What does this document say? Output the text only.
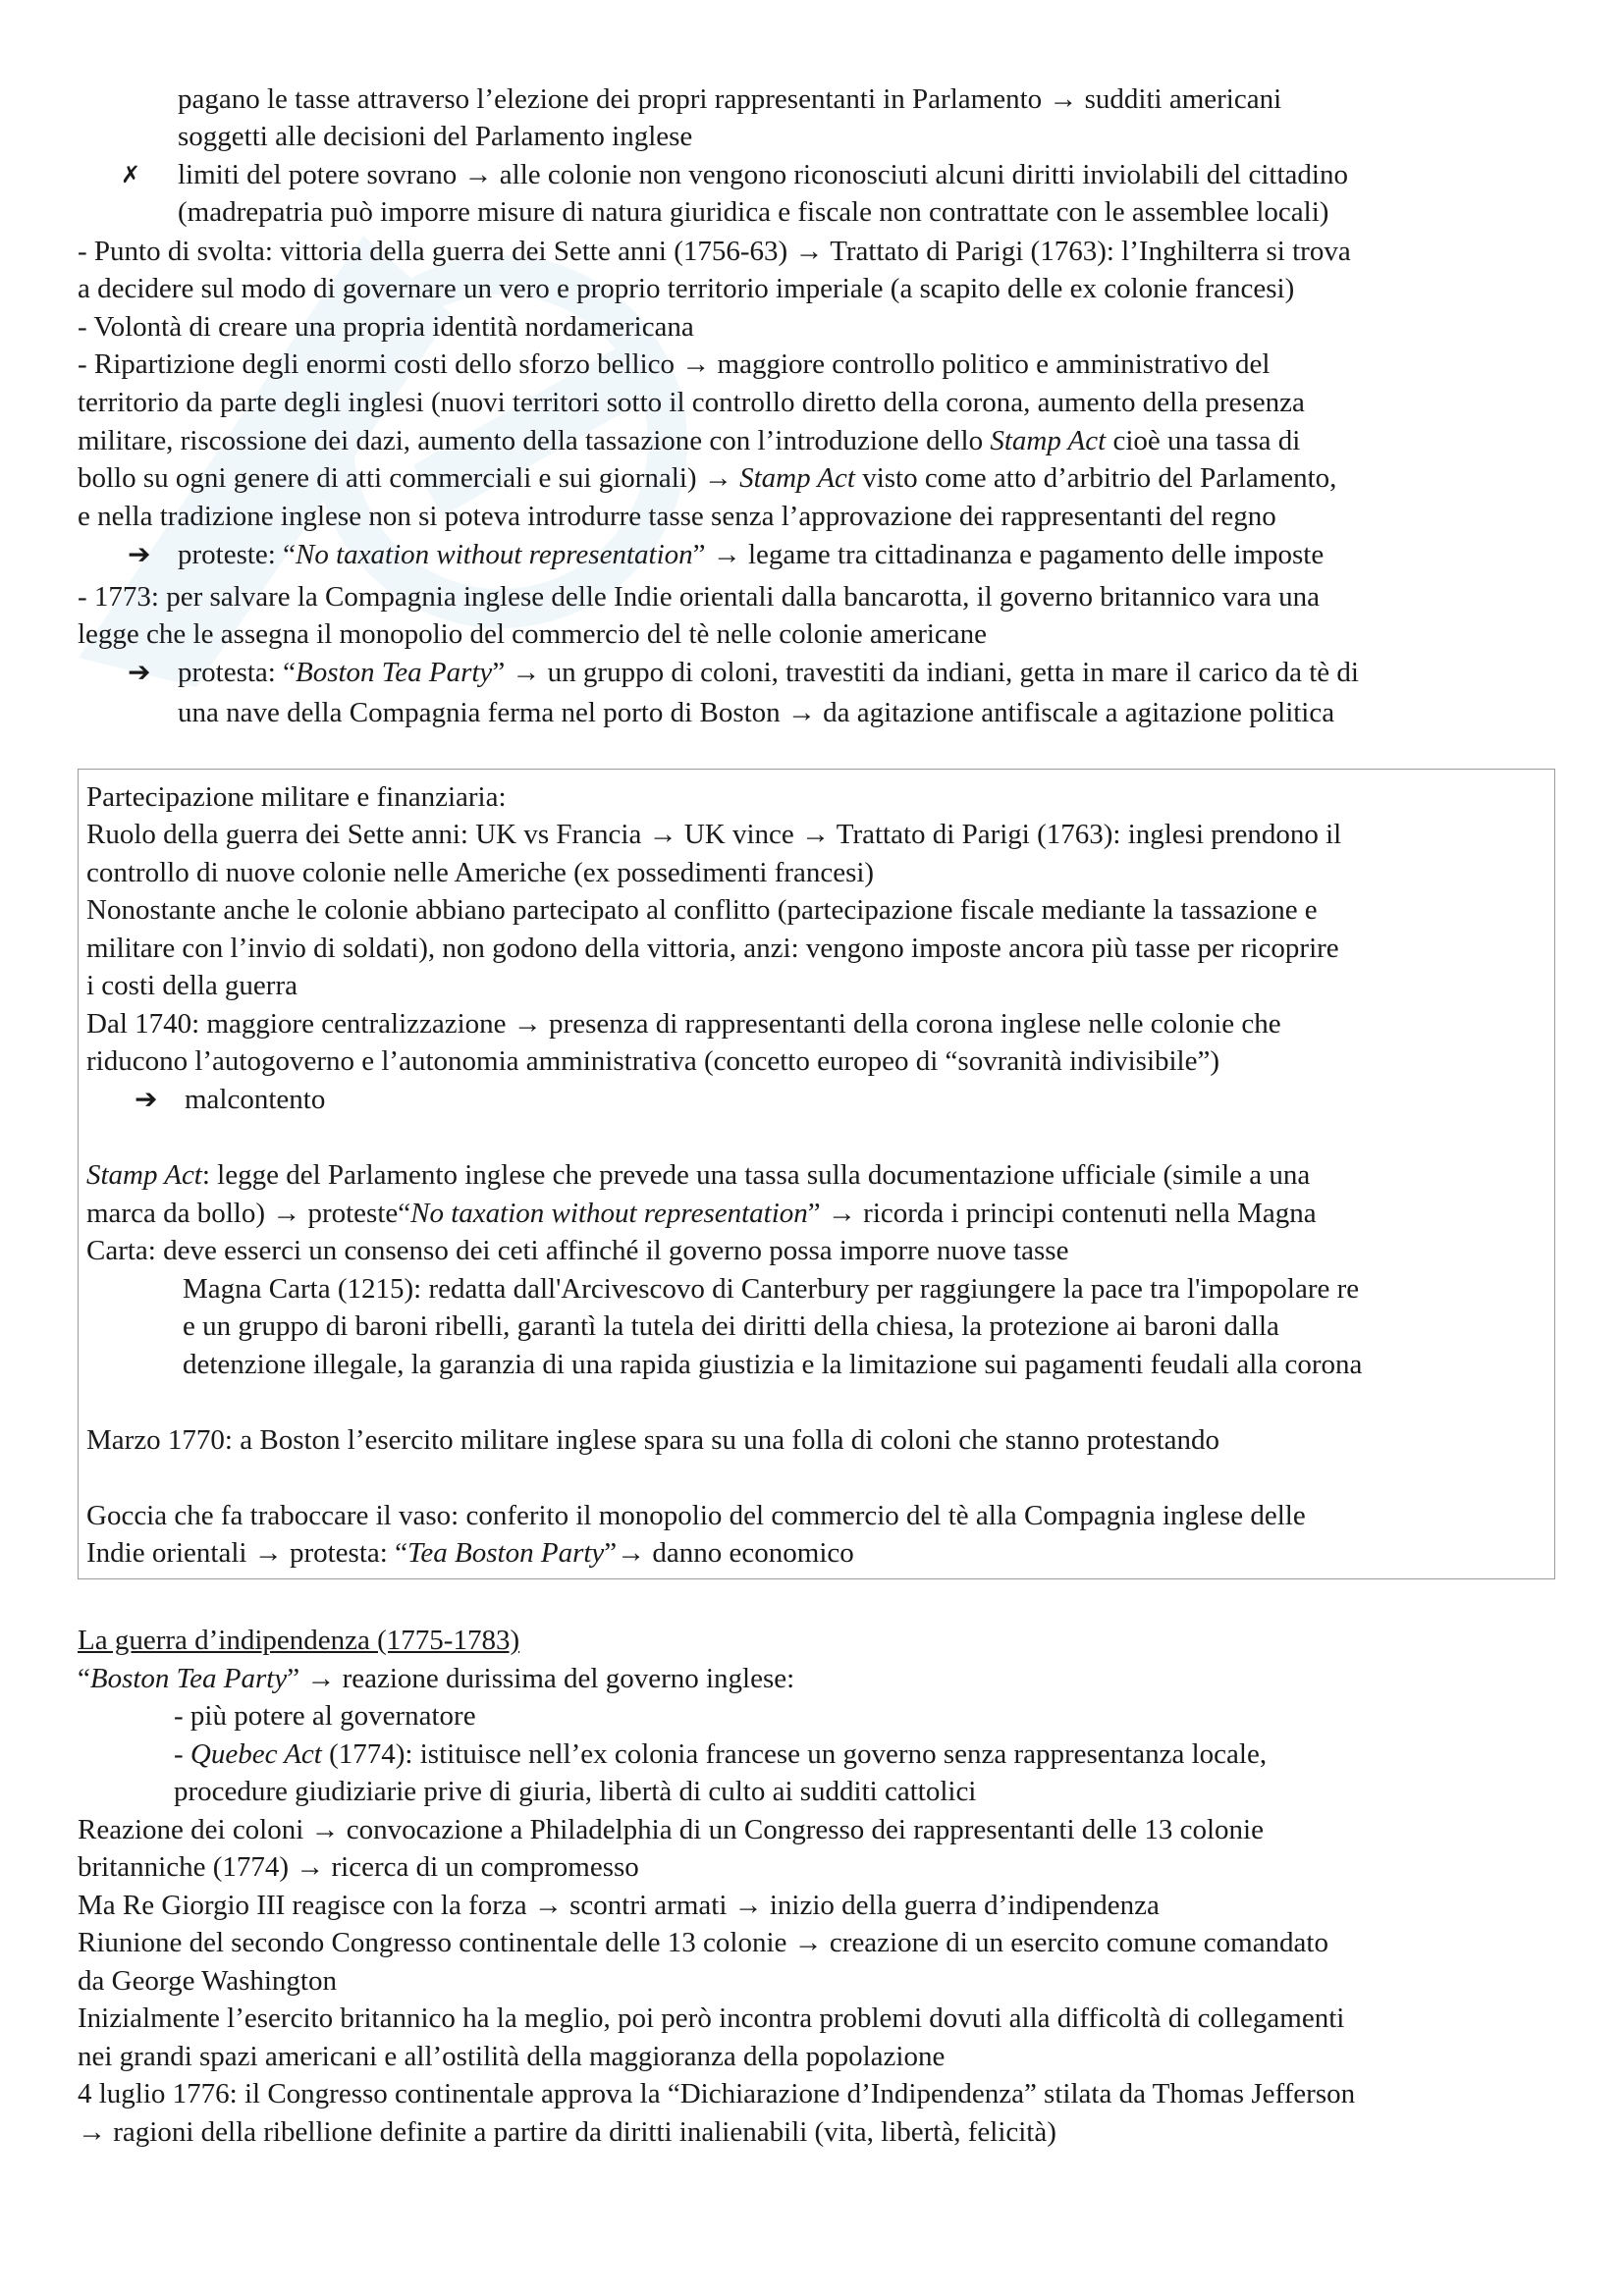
pagano le tasse attraverso l’elezione dei propri rappresentanti in Parlamento → sudditi americani
soggetti alle decisioni del Parlamento inglese
✗ limiti del potere sovrano → alle colonie non vengono riconosciuti alcuni diritti inviolabili del cittadino
(madrepatria può imporre misure di natura giuridica e fiscale non contrattate con le assemblee locali)
- Punto di svolta: vittoria della guerra dei Sette anni (1756-63) → Trattato di Parigi (1763): l’Inghilterra si trova
a decidere sul modo di governare un vero e proprio territorio imperiale (a scapito delle ex colonie francesi)
- Volontà di creare una propria identità nordamericana
- Ripartizione degli enormi costi dello sforzo bellico → maggiore controllo politico e amministrativo del
territorio da parte degli inglesi (nuovi territori sotto il controllo diretto della corona, aumento della presenza
militare, riscossione dei dazi, aumento della tassazione con l’introduzione dello Stamp Act cioè una tassa di
bollo su ogni genere di atti commerciali e sui giornali) → Stamp Act visto come atto d’arbitrio del Parlamento,
e nella tradizione inglese non si poteva introdurre tasse senza l’approvazione dei rappresentanti del regno
➔ proteste: “No taxation without representation” → legame tra cittadinanza e pagamento delle imposte
- 1773: per salvare la Compagnia inglese delle Indie orientali dalla bancarotta, il governo britannico vara una
legge che le assegna il monopolio del commercio del tè nelle colonie americane
➔ protesta: “Boston Tea Party” → un gruppo di coloni, travestiti da indiani, getta in mare il carico da tè di
una nave della Compagnia ferma nel porto di Boston → da agitazione antifiscale a agitazione politica
Partecipazione militare e finanziaria:
Ruolo della guerra dei Sette anni: UK vs Francia → UK vince → Trattato di Parigi (1763): inglesi prendono il
controllo di nuove colonie nelle Americhe (ex possedimenti francesi)
Nonostante anche le colonie abbiano partecipato al conflitto (partecipazione fiscale mediante la tassazione e
militare con l’invio di soldati), non godono della vittoria, anzi: vengono imposte ancora più tasse per ricoprire
i costi della guerra
Dal 1740: maggiore centralizzazione → presenza di rappresentanti della corona inglese nelle colonie che
riducono l’autogoverno e l’autonomia amministrativa (concetto europeo di “sovranità indivisibile”)
➔ malcontento
Stamp Act: legge del Parlamento inglese che prevede una tassa sulla documentazione ufficiale (simile a una
marca da bollo) → proteste“No taxation without representation” → ricorda i principi contenuti nella Magna
Carta: deve esserci un consenso dei ceti affinché il governo possa imporre nuove tasse
Magna Carta (1215): redatta dall'Arcivescovo di Canterbury per raggiungere la pace tra l'impopolare re
e un gruppo di baroni ribelli, garantì la tutela dei diritti della chiesa, la protezione ai baroni dalla
detenzione illegale, la garanzia di una rapida giustizia e la limitazione sui pagamenti feudali alla corona
Marzo 1770: a Boston l’esercito militare inglese spara su una folla di coloni che stanno protestando
Goccia che fa traboccare il vaso: conferito il monopolio del commercio del tè alla Compagnia inglese delle
Indie orientali → protesta: “Tea Boston Party”→ danno economico
La guerra d’indipendenza (1775-1783)
“Boston Tea Party” → reazione durissima del governo inglese:
- più potere al governatore
- Quebec Act (1774): istituisce nell’ex colonia francese un governo senza rappresentanza locale,
procedure giudiziarie prive di giuria, libertà di culto ai sudditi cattolici
Reazione dei coloni → convocazione a Philadelphia di un Congresso dei rappresentanti delle 13 colonie
britanniche (1774) → ricerca di un compromesso
Ma Re Giorgio III reagisce con la forza → scontri armati → inizio della guerra d’indipendenza
Riunione del secondo Congresso continentale delle 13 colonie → creazione di un esercito comune comandato
da George Washington
Inizialmente l’esercito britannico ha la meglio, poi però incontra problemi dovuti alla difficoltà di collegamenti
nei grandi spazi americani e all’ostilità della maggioranza della popolazione
4 luglio 1776: il Congresso continentale approva la “Dichiarazione d’Indipendenza” stilata da Thomas Jefferson
→ ragioni della ribellione definite a partire da diritti inalienabili (vita, libertà, felicità)
